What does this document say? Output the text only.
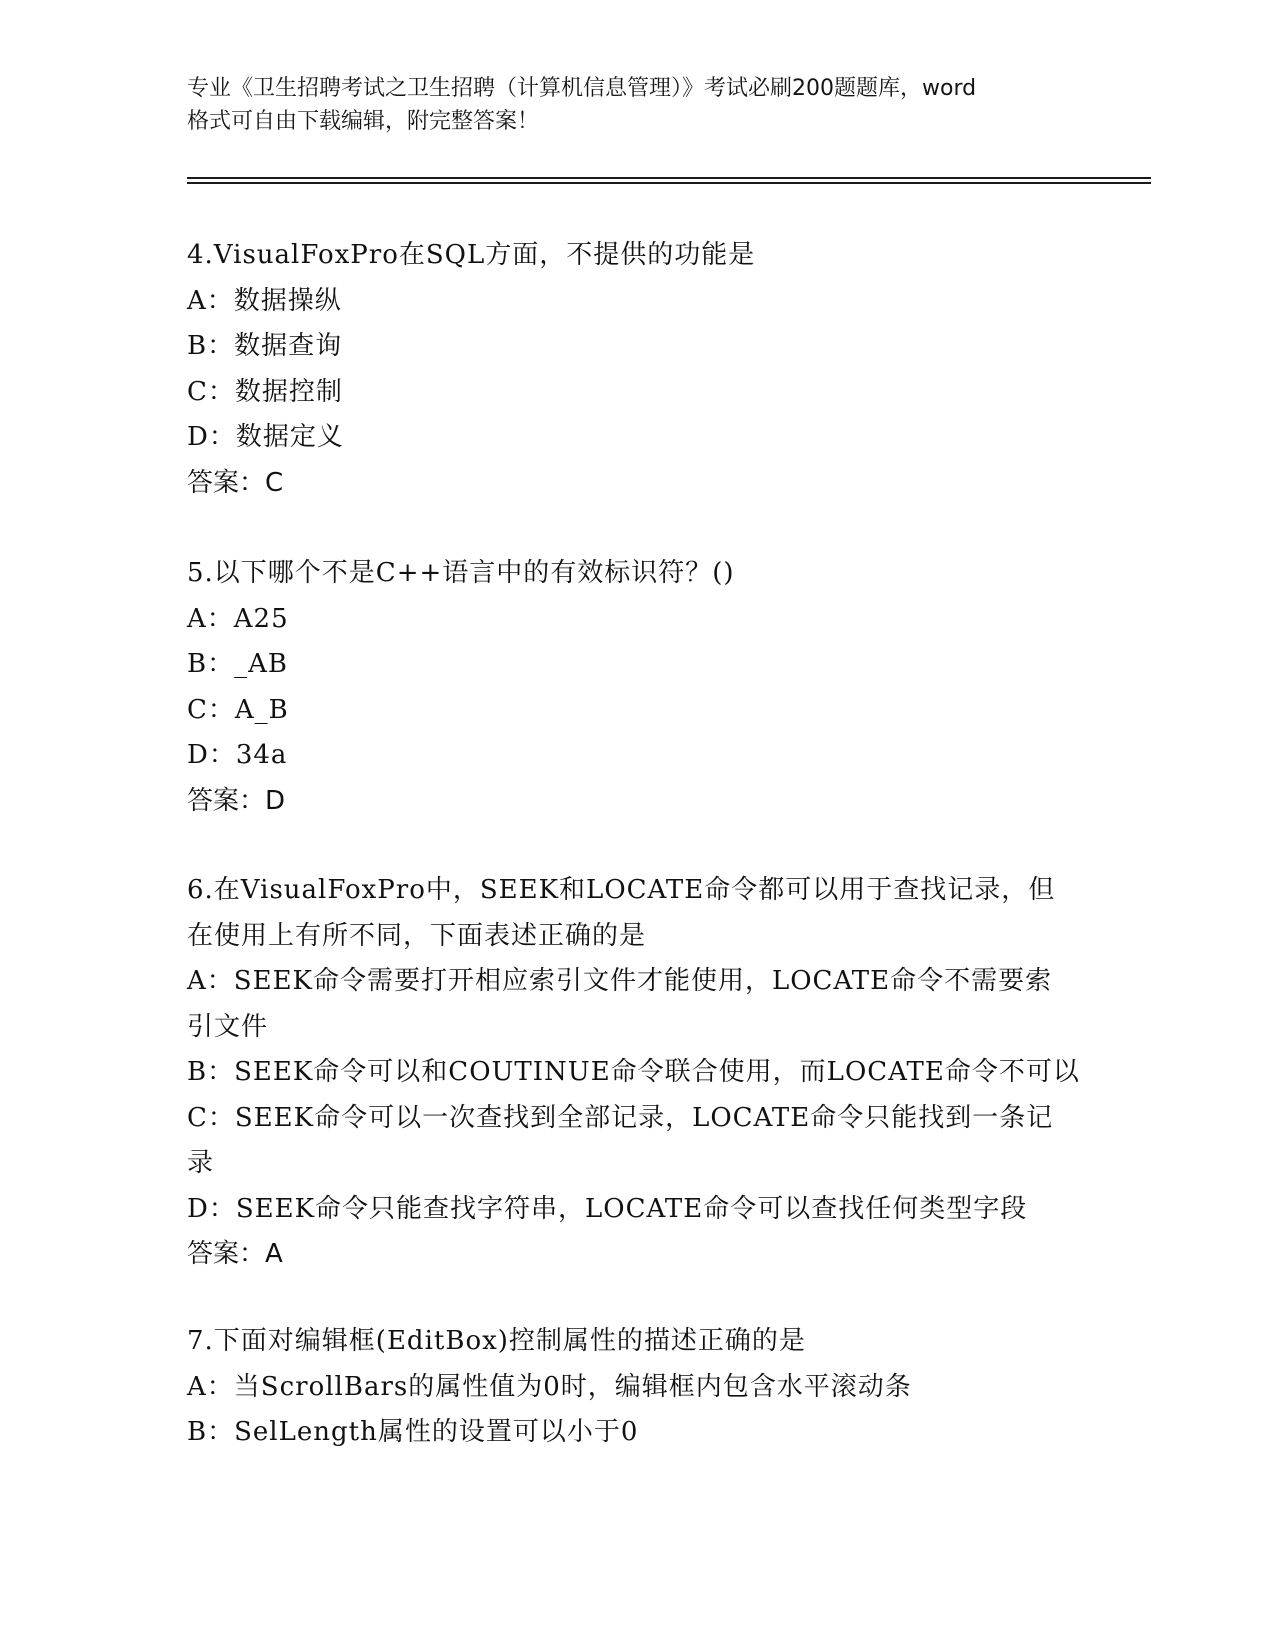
专业《卫生招聘考试之卫生招聘（计算机信息管理）》考试必刷200题题库，word
格式可自由下载编辑，附完整答案！
4.VisualFoxPro在SQL方面，不提供的功能是
A：数据操纵
B：数据查询
C：数据控制
D：数据定义
答案：C
5.以下哪个不是C++语言中的有效标识符？()
A：A25
B：_AB
C：A_B
D：34a
答案：D
6.在VisualFoxPro中，SEEK和LOCATE命令都可以用于查找记录，但
在使用上有所不同，下面表述正确的是
A：SEEK命令需要打开相应索引文件才能使用，LOCATE命令不需要索
引文件
B：SEEK命令可以和COUTINUE命令联合使用，而LOCATE命令不可以
C：SEEK命令可以一次查找到全部记录，LOCATE命令只能找到一条记
录
D：SEEK命令只能查找字符串，LOCATE命令可以查找任何类型字段
答案：A
7.下面对编辑框(EditBox)控制属性的描述正确的是
A：当ScrollBars的属性值为0时，编辑框内包含水平滚动条
B：SelLength属性的设置可以小于0
